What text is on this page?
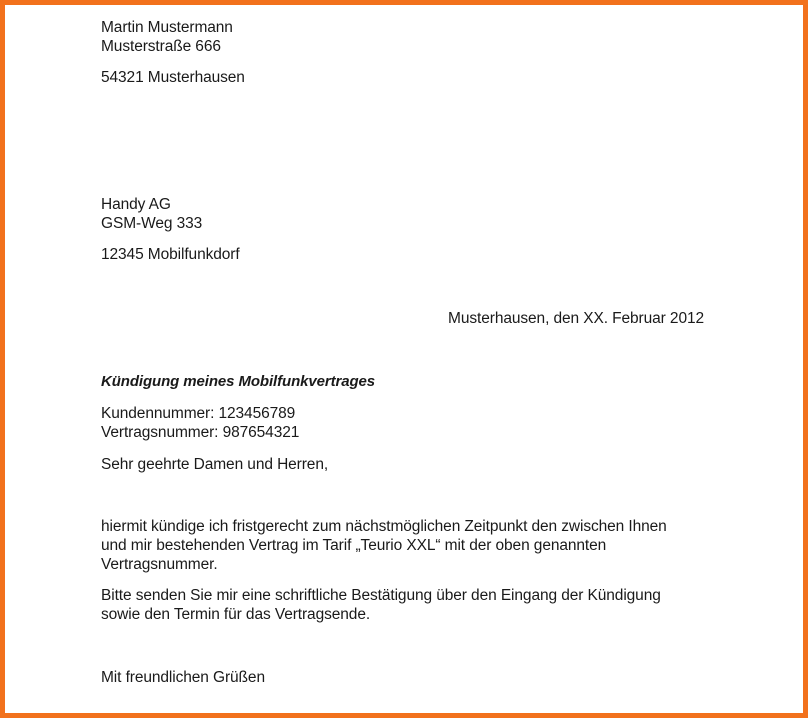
Martin Mustermann
Musterstraße 666
54321 Musterhausen
Handy AG
GSM-Weg 333
12345 Mobilfunkdorf
Musterhausen, den XX. Februar 2012
Kündigung meines Mobilfunkvertrages
Kundennummer: 123456789
Vertragsnummer: 987654321
Sehr geehrte Damen und Herren,
hiermit kündige ich fristgerecht zum nächstmöglichen Zeitpunkt den zwischen Ihnen
und mir bestehenden Vertrag im Tarif „Teurio XXL“ mit der oben genannten
Vertragsnummer.
Bitte senden Sie mir eine schriftliche Bestätigung über den Eingang der Kündigung
sowie den Termin für das Vertragsende.
Mit freundlichen Grüßen
